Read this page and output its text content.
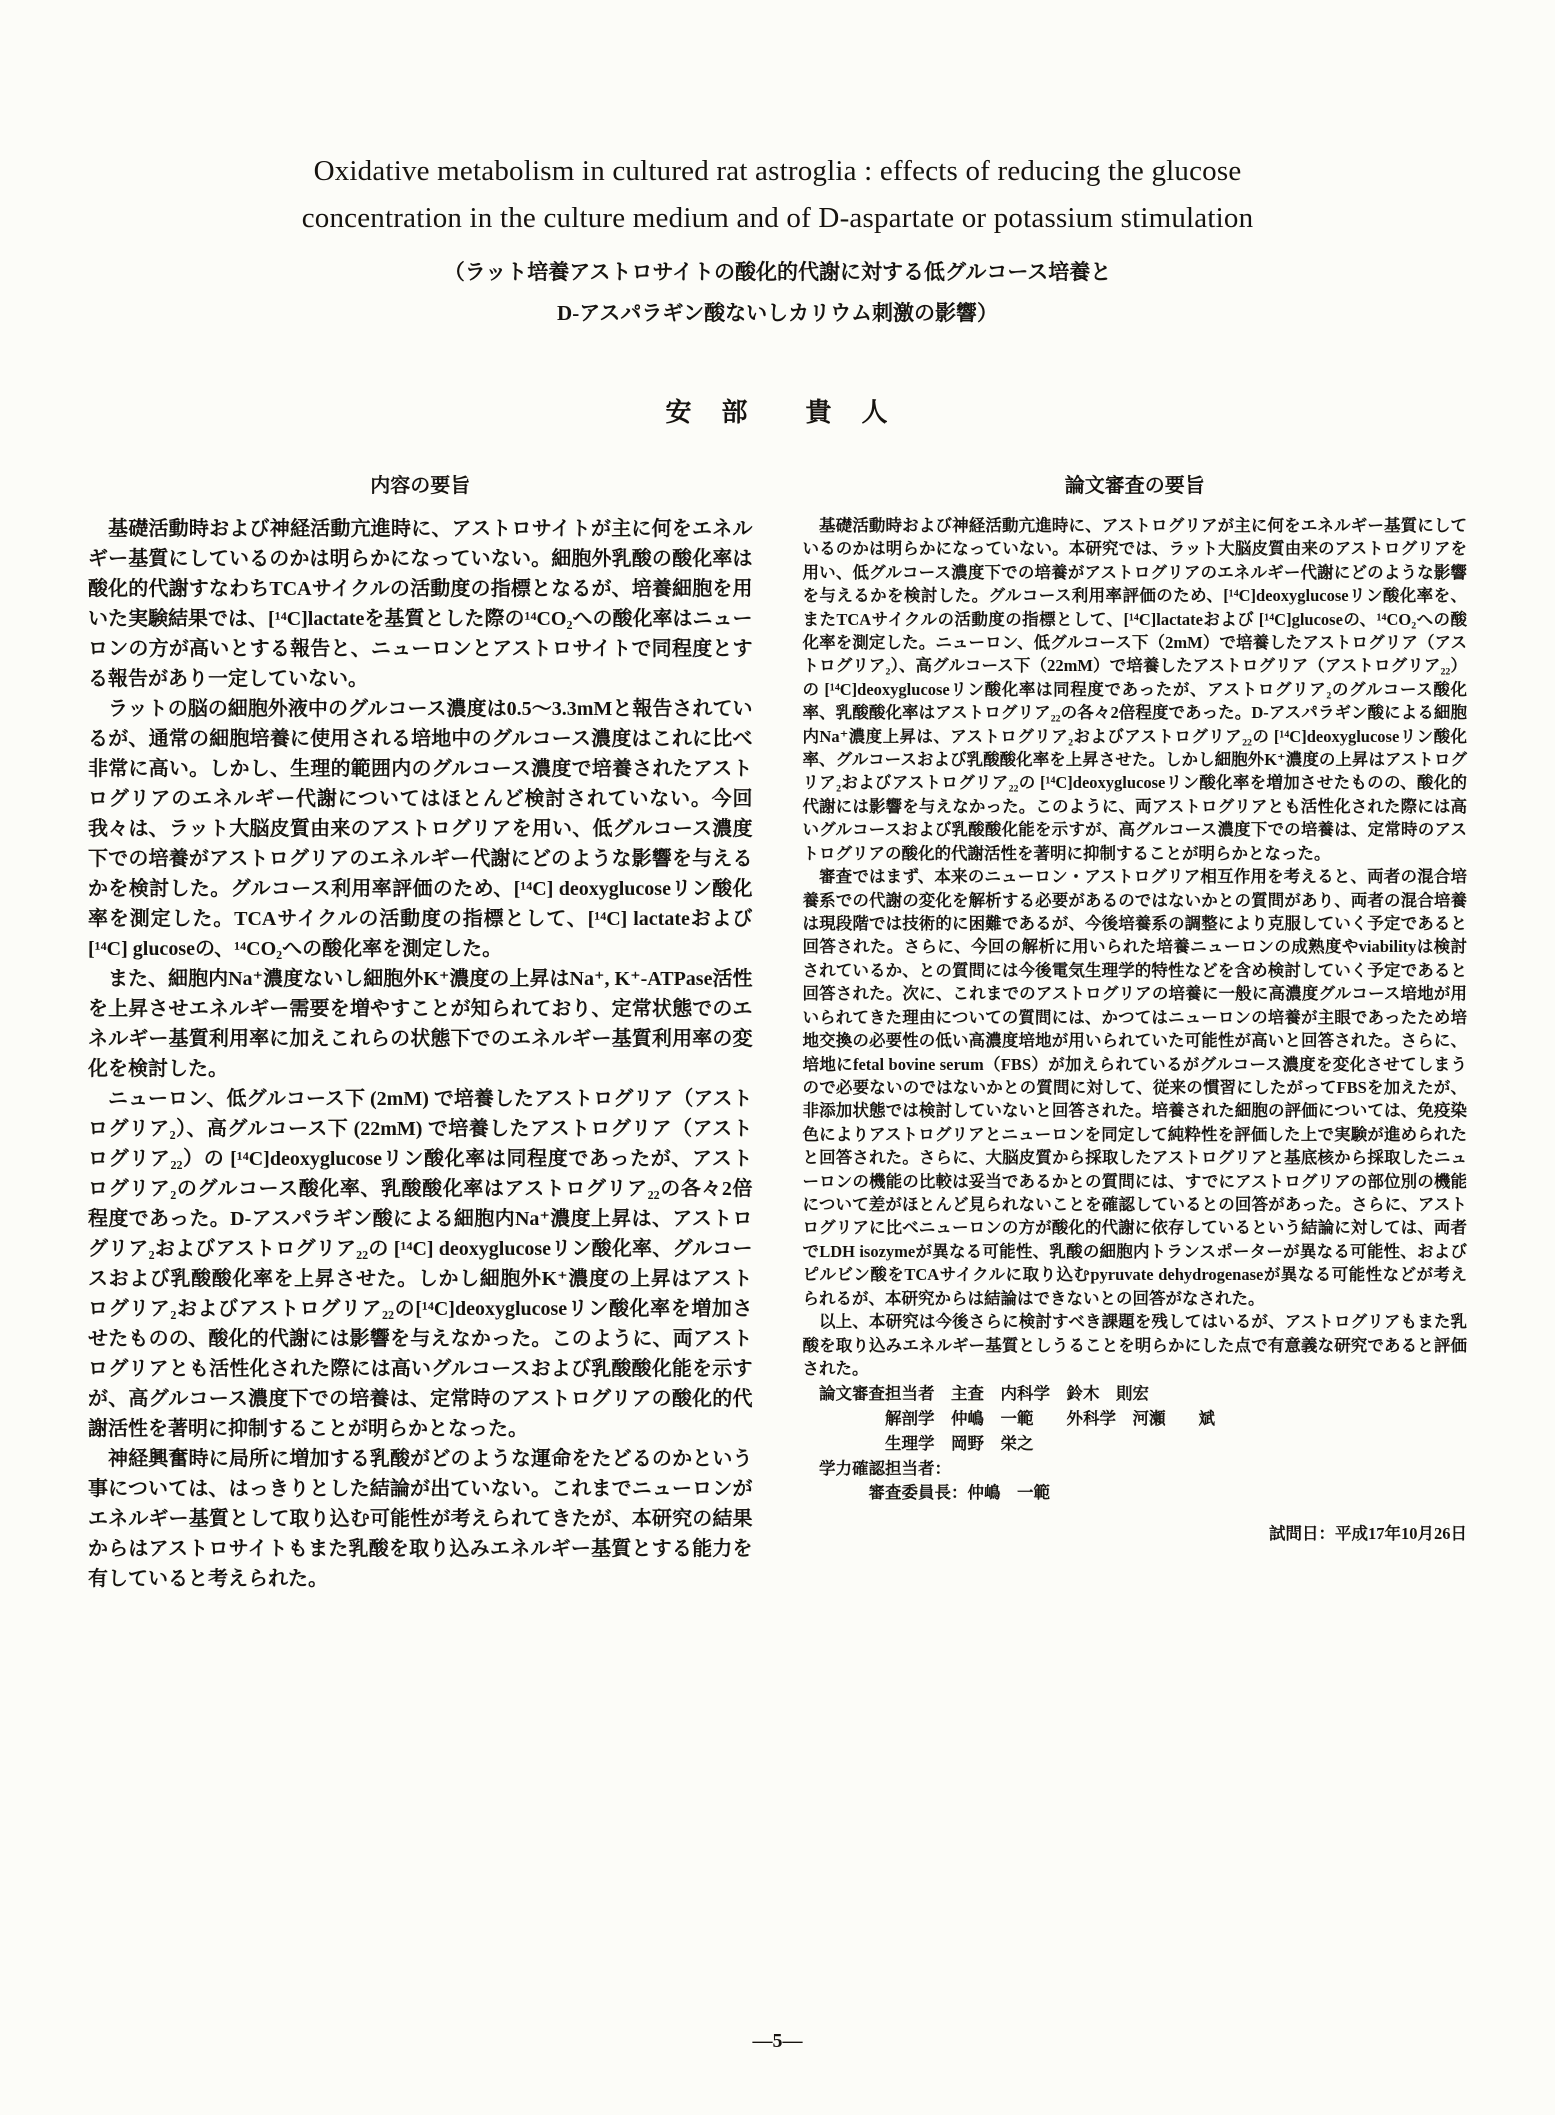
Oxidative metabolism in cultured rat astroglia : effects of reducing the glucose
concentration in the culture medium and of D-aspartate or potassium stimulation
（ラット培養アストロサイトの酸化的代謝に対する低グルコース培養と
D-アスパラギン酸ないしカリウム刺激の影響）
安　部　　貴　人
内容の要旨

基礎活動時および神経活動亢進時に、アストロサイトが主に何をエネルギー基質にしているのかは明らかになっていない。細胞外乳酸の酸化率は酸化的代謝すなわちTCAサイクルの活動度の指標となるが、培養細胞を用いた実験結果では、[¹⁴C]lactateを基質とした際の¹⁴CO₂への酸化率はニューロンの方が高いとする報告と、ニューロンとアストロサイトで同程度とする報告があり一定していない。

ラットの脳の細胞外液中のグルコース濃度は0.5〜3.3mMと報告されているが、通常の細胞培養に使用される培地中のグルコース濃度はこれに比べ非常に高い。しかし、生理的範囲内のグルコース濃度で培養されたアストログリアのエネルギー代謝についてはほとんど検討されていない。今回我々は、ラット大脳皮質由来のアストログリアを用い、低グルコース濃度下での培養がアストログリアのエネルギー代謝にどのような影響を与えるかを検討した。グルコース利用率評価のため、[¹⁴C] deoxyglucoseリン酸化率を測定した。TCAサイクルの活動度の指標として、[¹⁴C] lactateおよび [¹⁴C] glucoseの、¹⁴CO₂への酸化率を測定した。

また、細胞内Na⁺濃度ないし細胞外K⁺濃度の上昇はNa⁺, K⁺-ATPase活性を上昇させエネルギー需要を増やすことが知られており、定常状態でのエネルギー基質利用率に加えこれらの状態下でのエネルギー基質利用率の変化を検討した。

ニューロン、低グルコース下 (2mM) で培養したアストログリア（アストログリア₂）、高グルコース下 (22mM) で培養したアストログリア（アストログリア₂₂）の [¹⁴C]deoxyglucoseリン酸化率は同程度であったが、アストログリア₂のグルコース酸化率、乳酸酸化率はアストログリア₂₂の各々2倍程度であった。D-アスパラギン酸による細胞内Na⁺濃度上昇は、アストログリア₂およびアストログリア₂₂の [¹⁴C] deoxyglucoseリン酸化率、グルコースおよび乳酸酸化率を上昇させた。しかし細胞外K⁺濃度の上昇はアストログリア₂およびアストログリア₂₂の[¹⁴C]deoxyglucoseリン酸化率を増加させたものの、酸化的代謝には影響を与えなかった。このように、両アストログリアとも活性化された際には高いグルコースおよび乳酸酸化能を示すが、高グルコース濃度下での培養は、定常時のアストログリアの酸化的代謝活性を著明に抑制することが明らかとなった。

神経興奮時に局所に増加する乳酸がどのような運命をたどるのかという事については、はっきりとした結論が出ていない。これまでニューロンがエネルギー基質として取り込む可能性が考えられてきたが、本研究の結果からはアストロサイトもまた乳酸を取り込みエネルギー基質とする能力を有していると考えられた。

論文審査の要旨

基礎活動時および神経活動亢進時に、アストログリアが主に何をエネルギー基質にしているのかは明らかになっていない。本研究では、ラット大脳皮質由来のアストログリアを用い、低グルコース濃度下での培養がアストログリアのエネルギー代謝にどのような影響を与えるかを検討した。グルコース利用率評価のため、[¹⁴C]deoxyglucoseリン酸化率を、またTCAサイクルの活動度の指標として、[¹⁴C]lactateおよび [¹⁴C]glucoseの、¹⁴CO₂への酸化率を測定した。ニューロン、低グルコース下（2mM）で培養したアストログリア（アストログリア₂）、高グルコース下（22mM）で培養したアストログリア（アストログリア₂₂）の [¹⁴C]deoxyglucoseリン酸化率は同程度であったが、アストログリア₂のグルコース酸化率、乳酸酸化率はアストログリア₂₂の各々2倍程度であった。D-アスパラギン酸による細胞内Na⁺濃度上昇は、アストログリア₂およびアストログリア₂₂の [¹⁴C]deoxyglucoseリン酸化率、グルコースおよび乳酸酸化率を上昇させた。しかし細胞外K⁺濃度の上昇はアストログリア₂およびアストログリア₂₂の [¹⁴C]deoxyglucoseリン酸化率を増加させたものの、酸化的代謝には影響を与えなかった。このように、両アストログリアとも活性化された際には高いグルコースおよび乳酸酸化能を示すが、高グルコース濃度下での培養は、定常時のアストログリアの酸化的代謝活性を著明に抑制することが明らかとなった。

審査ではまず、本来のニューロン・アストログリア相互作用を考えると、両者の混合培養系での代謝の変化を解析する必要があるのではないかとの質問があり、両者の混合培養は現段階では技術的に困難であるが、今後培養系の調整により克服していく予定であると回答された。さらに、今回の解析に用いられた培養ニューロンの成熟度やviabilityは検討されているか、との質問には今後電気生理学的特性などを含め検討していく予定であると回答された。次に、これまでのアストログリアの培養に一般に高濃度グルコース培地が用いられてきた理由についての質問には、かつてはニューロンの培養が主眼であったため培地交換の必要性の低い高濃度培地が用いられていた可能性が高いと回答された。さらに、培地にfetal bovine serum（FBS）が加えられているがグルコース濃度を変化させてしまうので必要ないのではないかとの質問に対して、従来の慣習にしたがってFBSを加えたが、非添加状態では検討していないと回答された。培養された細胞の評価については、免疫染色によりアストログリアとニューロンを同定して純粋性を評価した上で実験が進められたと回答された。さらに、大脳皮質から採取したアストログリアと基底核から採取したニューロンの機能の比較は妥当であるかとの質問には、すでにアストログリアの部位別の機能について差がほとんど見られないことを確認しているとの回答があった。さらに、アストログリアに比べニューロンの方が酸化的代謝に依存しているという結論に対しては、両者でLDH isozymeが異なる可能性、乳酸の細胞内トランスポーターが異なる可能性、およびピルビン酸をTCAサイクルに取り込むpyruvate dehydrogenaseが異なる可能性などが考えられるが、本研究からは結論はできないとの回答がなされた。

以上、本研究は今後さらに検討すべき課題を残してはいるが、アストログリアもまた乳酸を取り込みエネルギー基質としうることを明らかにした点で有意義な研究であると評価された。

　論文審査担当者　主査　内科学　鈴木　則宏
　　　　　解剖学　仲嶋　一範　　外科学　河瀬　　斌
　　　　　生理学　岡野　栄之
　学力確認担当者：
　　　　審査委員長：仲嶋　一範
試問日：平成17年10月26日
—5—
